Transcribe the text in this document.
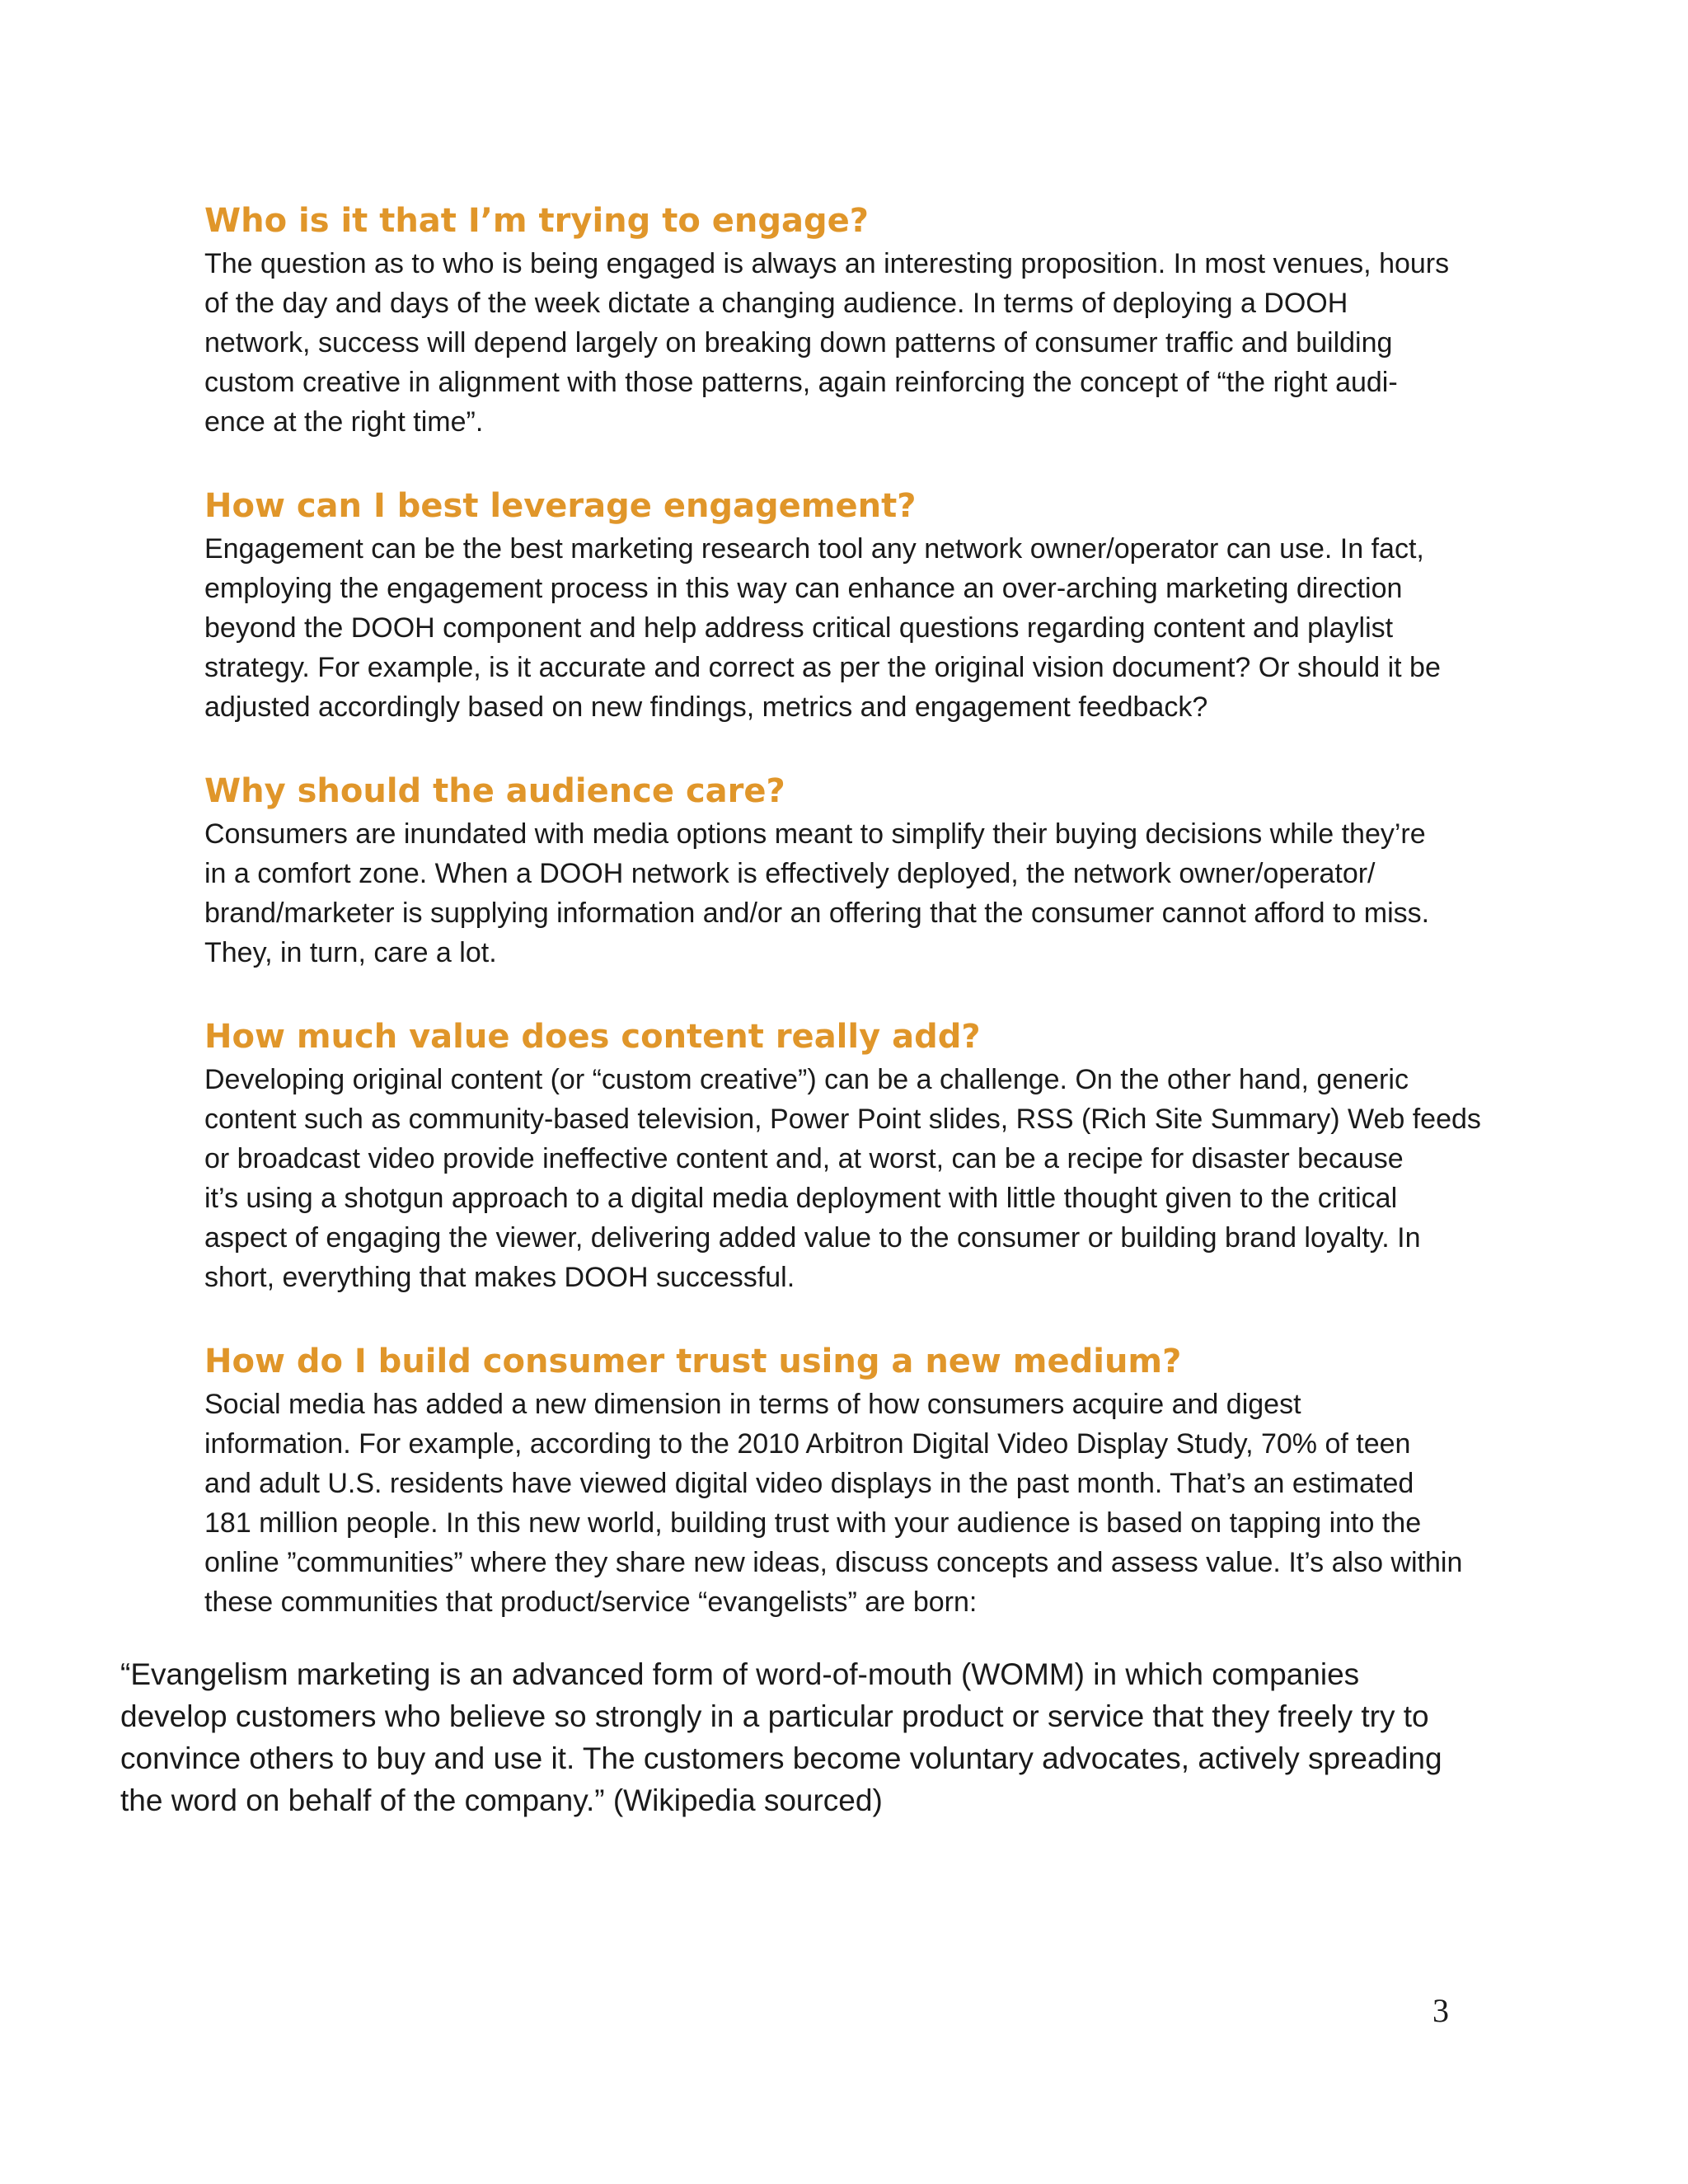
Who is it that I’m trying to engage?

The question as to who is being engaged is always an interesting proposition. In most venues, hours
of the day and days of the week dictate a changing audience. In terms of deploying a DOOH
network, success will depend largely on breaking down patterns of consumer traffic and building
custom creative in alignment with those patterns, again reinforcing the concept of “the right audi-
ence at the right time”.

How can I best leverage engagement?

Engagement can be the best marketing research tool any network owner/operator can use. In fact,
employing the engagement process in this way can enhance an over-arching marketing direction
beyond the DOOH component and help address critical questions regarding content and playlist
strategy. For example, is it accurate and correct as per the original vision document? Or should it be
adjusted accordingly based on new findings, metrics and engagement feedback?

Why should the audience care?

Consumers are inundated with media options meant to simplify their buying decisions while they’re
in a comfort zone. When a DOOH network is effectively deployed, the network owner/operator/
brand/marketer is supplying information and/or an offering that the consumer cannot afford to miss.
They, in turn, care a lot.

How much value does content really add?

Developing original content (or “custom creative”) can be a challenge. On the other hand, generic
content such as community-based television, Power Point slides, RSS (Rich Site Summary) Web feeds
or broadcast video provide ineffective content and, at worst, can be a recipe for disaster because
it’s using a shotgun approach to a digital media deployment with little thought given to the critical
aspect of engaging the viewer, delivering added value to the consumer or building brand loyalty. In
short, everything that makes DOOH successful.

How do I build consumer trust using a new medium?

Social media has added a new dimension in terms of how consumers acquire and digest
information. For example, according to the 2010 Arbitron Digital Video Display Study, 70% of teen
and adult U.S. residents have viewed digital video displays in the past month. That’s an estimated
181 million people. In this new world, building trust with your audience is based on tapping into the
online ”communities” where they share new ideas, discuss concepts and assess value. It’s also within
these communities that product/service “evangelists” are born:

“Evangelism marketing is an advanced form of word-of-mouth (WOMM) in which companies
develop customers who believe so strongly in a particular product or service that they freely try to
convince others to buy and use it. The customers become voluntary advocates, actively spreading
the word on behalf of the company.” (Wikipedia sourced)

3
